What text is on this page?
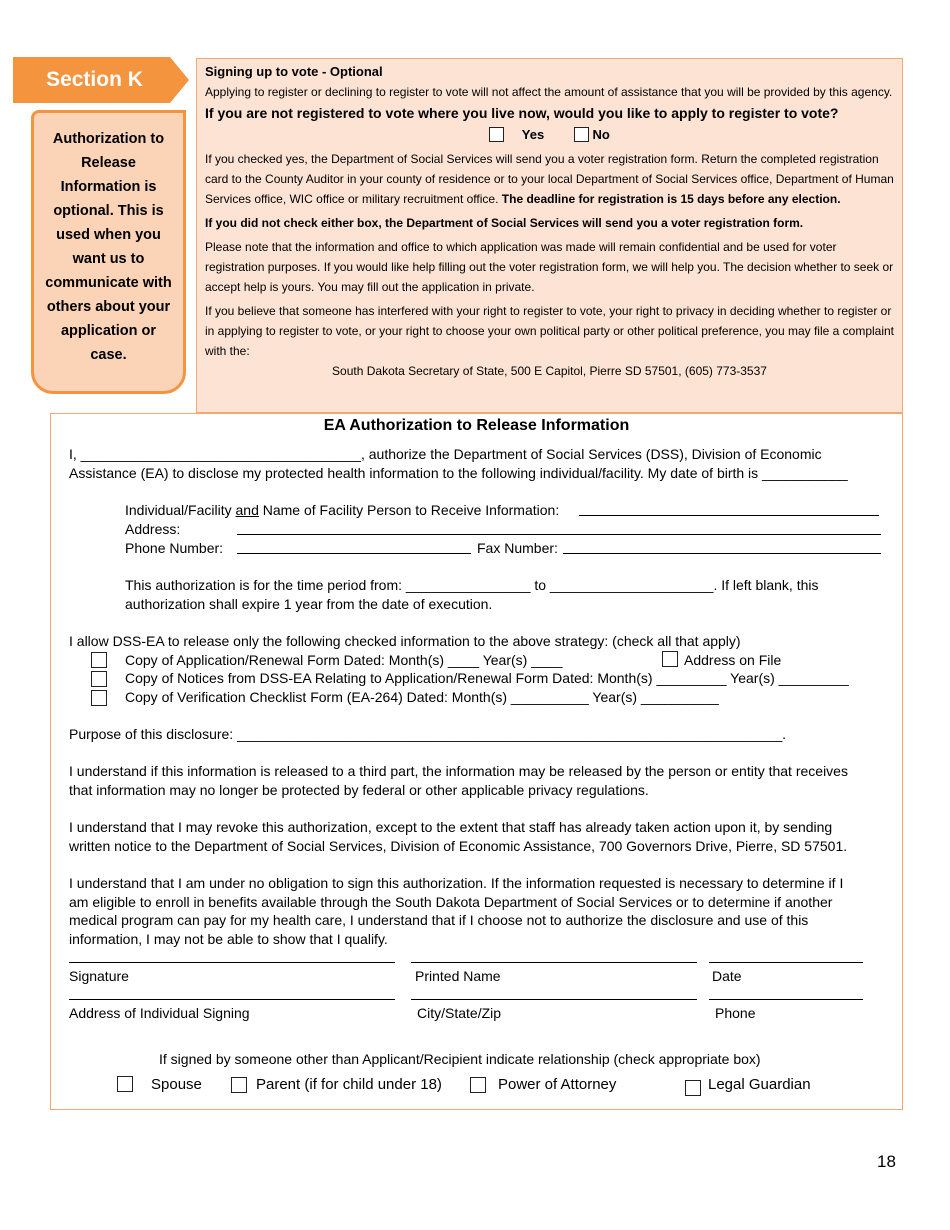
Section K
Authorization to Release Information is optional. This is used when you want us to communicate with others about your application or case.

Signing up to vote - Optional

Applying to register or declining to register to vote will not affect the amount of assistance that you will be provided by this agency.

If you are not registered to vote where you live now, would you like to apply to register to vote?

Yes	No

If you checked yes, the Department of Social Services will send you a voter registration form. Return the completed registration card to the County Auditor in your county of residence or to your local Department of Social Services office, Department of Human Services office, WIC office or military recruitment office. The deadline for registration is 15 days before any election.

If you did not check either box, the Department of Social Services will send you a voter registration form.

Please note that the information and office to which application was made will remain confidential and be used for voter registration purposes. If you would like help filling out the voter registration form, we will help you. The decision whether to seek or accept help is yours. You may fill out the application in private.

If you believe that someone has interfered with your right to register to vote, your right to privacy in deciding whether to register or in applying to register to vote, or your right to choose your own political party or other political preference, you may file a complaint with the:

South Dakota Secretary of State, 500 E Capitol, Pierre SD 57501, (605) 773-3537

EA Authorization to Release Information
I, ____________________________________, authorize the Department of Social Services (DSS), Division of Economic
Assistance (EA) to disclose my protected health information to the following individual/facility. My date of birth is ___________
Individual/Facility and Name of Facility Person to Receive Information:
Address:
Phone Number:	Fax Number:
This authorization is for the time period from: ________________ to _____________________. If left blank, this
authorization shall expire 1 year from the date of execution.
I allow DSS-EA to release only the following checked information to the above strategy: (check all that apply)
Copy of Application/Renewal Form Dated: Month(s) ____ Year(s) ____	Address on File
Copy of Notices from DSS-EA Relating to Application/Renewal Form Dated: Month(s) _________ Year(s) _________
Copy of Verification Checklist Form (EA-264) Dated: Month(s) __________ Year(s) __________
Purpose of this disclosure: ______________________________________________________________________.
I understand if this information is released to a third part, the information may be released by the person or entity that receives
that information may no longer be protected by federal or other applicable privacy regulations.
I understand that I may revoke this authorization, except to the extent that staff has already taken action upon it, by sending
written notice to the Department of Social Services, Division of Economic Assistance, 700 Governors Drive, Pierre, SD 57501.
I understand that I am under no obligation to sign this authorization. If the information requested is necessary to determine if I
am eligible to enroll in benefits available through the South Dakota Department of Social Services or to determine if another
medical program can pay for my health care, I understand that if I choose not to authorize the disclosure and use of this
information, I may not be able to show that I qualify.
Signature	Printed Name	Date
Address of Individual Signing	City/State/Zip	Phone
If signed by someone other than Applicant/Recipient indicate relationship (check appropriate box)
Spouse	Parent (if for child under 18)	Power of Attorney	Legal Guardian
18
